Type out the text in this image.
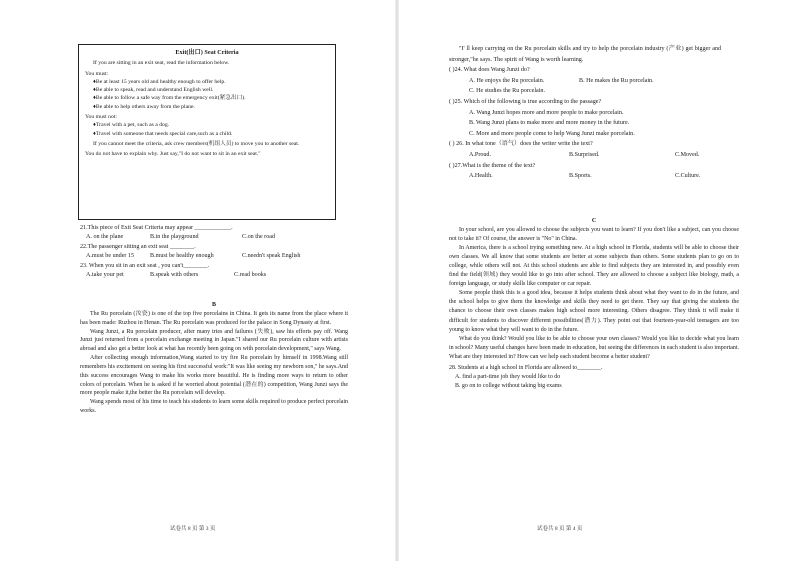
Exit(出口) Seat Criteria

If you are sitting in an exit seat, read the information below.

You must:

♦Be at least 15 years old and healthy enough to offer help.

♦Be able to speak, read and understand English well.

♦Be able to follow a safe way from the emergency exit(紧急出口).

♦Be able to help others away from the plane.

You must not:

♦Travel with a pet, such as a dog.

♦Travel with someone that needs special care,such as a child.

If you cannot meet the criteria, ask crew members(机组人员) to move you to another seat.

You do not have to explain why. Just say,"I do not want to sit in an exit seat."

21.This piece of Exit Seat Criteria may appear ____________.

A. on the plane	B.in the playground	C.on the road

22.The passenger sitting an exit seat ________.

A.must be under 15	B.must be healthy enough	C.needn't speak English

23. When you sit in an exit seat , you can't________.

A.take your pet	B.speak with others	C.read books

B

The Ru porcelain (汝瓷) is one of the top five porcelains in China. It gets its name from the place where it has been made: Ruzhou in Henan. The Ru porcelain was produced for the palace in Song Dynasty at first.

Wang Junzi, a Ru porcelain producer, after many tries and failures (失败), saw his efforts pay off. Wang Junzi just returned from a porcelain exchange meeting in Japan."I shared our Ru porcelain culture with artists abroad and also get a better look at what has recently been going on with porcelain development," says Wang.

After collecting enough information,Wang started to try fire Ru porcelain by himself in 1998.Wang still remembers his excitement on seeing his first successful work:"It was like seeing my newborn son," he says.And this success encourages Wang to make his works more beautiful. He is finding more ways to return to other colors of porcelain. When he is asked if he worried about potential (潜在的) competition, Wang Junzi says the more people make it,the better the Ru porcelain will develop.

Wang spends most of his time to teach his students to learn some skills required to produce perfect porcelain works.

试卷共 8 页 第 3 页

"I' ll keep carrying on the Ru porcelain skills and try to help the porcelain industry (产业) get bigger and stronger,"he says. The spirit of Wang is worth learning.

( )24. What does Wang Junzi do?

A. He enjoys the Ru porcelain.	B. He makes the Ru porcelain.

C. He studies the Ru porcelain.

( )25. Which of the following is true according to the passage?

A. Wang Junzi hopes more and more people to make porcelain.

B. Wang Junzi plans to make more and more money in the future.

C. More and more people come to help Wang Junzi make porcelain.

( ) 26. In what tone（语气）does the writer write the text?

A.Proud.	B.Surprised.	C.Moved.

( )27.What is the theme of the text?

A.Health.	B.Sports.	C.Culture.

C

In your school, are you allowed to choose the subjects you want to learn? If you don't like a subject, can you choose not to take it? Of course, the answer is "No" in China.

In America, there is a school trying something new. At a high school in Florida, students will be able to choose their own classes. We all know that some students are better at some subjects than others. Some students plan to go on to college, while others will not. At this school students are able to find subjects they are interested in, and possibly even find the field(领域) they would like to go into after school. They are allowed to choose a subject like biology, math, a foreign language, or study skills like computer or car repair.

Some people think this is a good idea, because it helps students think about what they want to do in the future, and the school helps to give them the knowledge and skills they need to get there. They say that giving the students the chance to choose their own classes makes high school more interesting. Others disagree. They think it will make it difficult for students to discover different possibilities(潜力). They point out that fourteen-year-old teenagers are too young to know what they will want to do in the future.

What do you think? Would you like to be able to choose your own classes? Would you like to decide what you learn in school? Many useful changes have been made in education, but seeing the differences in each student is also important. What are they interested in? How can we help each student become a better student?

28. Students at a high school in Florida are allowed to________.

A. find a part-time job they would like to do

B. go on to college without taking big exams

试卷共 8 页 第 4 页
